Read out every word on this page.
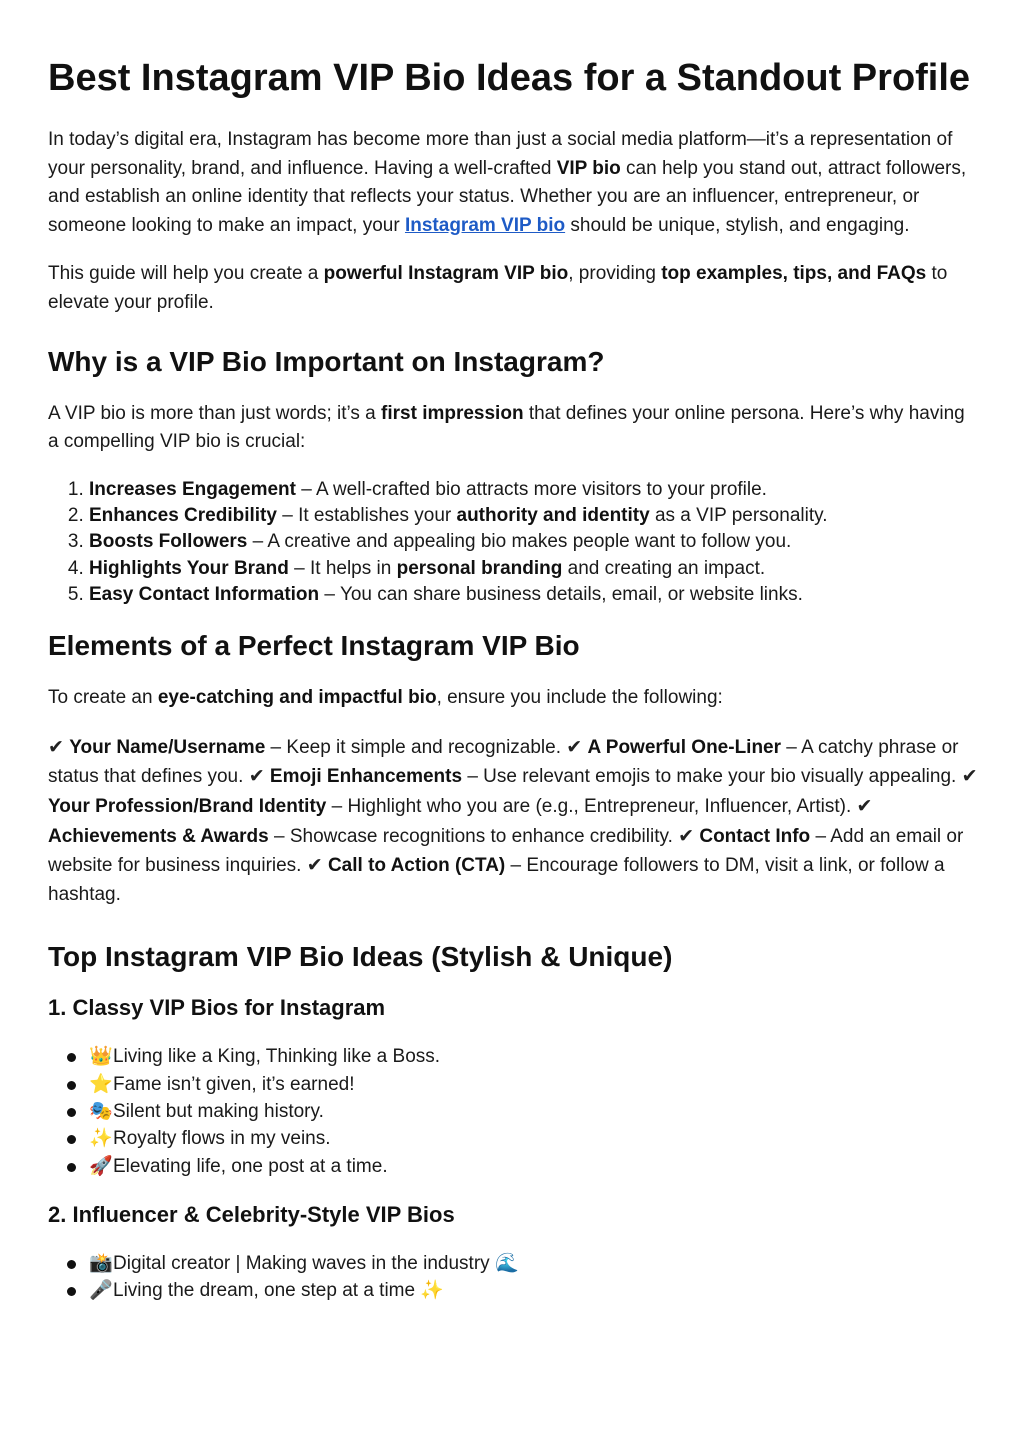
Best Instagram VIP Bio Ideas for a Standout Profile

In today’s digital era, Instagram has become more than just a social media platform—it’s a representation of your personality, brand, and influence. Having a well-crafted VIP bio can help you stand out, attract followers, and establish an online identity that reflects your status. Whether you are an influencer, entrepreneur, or someone looking to make an impact, your Instagram VIP bio should be unique, stylish, and engaging.

This guide will help you create a powerful Instagram VIP bio, providing top examples, tips, and FAQs to elevate your profile.

Why is a VIP Bio Important on Instagram?

A VIP bio is more than just words; it’s a first impression that defines your online persona. Here’s why having a compelling VIP bio is crucial:

1. Increases Engagement – A well-crafted bio attracts more visitors to your profile.
2. Enhances Credibility – It establishes your authority and identity as a VIP personality.
3. Boosts Followers – A creative and appealing bio makes people want to follow you.
4. Highlights Your Brand – It helps in personal branding and creating an impact.
5. Easy Contact Information – You can share business details, email, or website links.
Elements of a Perfect Instagram VIP Bio

To create an eye-catching and impactful bio, ensure you include the following:

✔ Your Name/Username – Keep it simple and recognizable. ✔ A Powerful One-Liner – A catchy phrase or status that defines you. ✔ Emoji Enhancements – Use relevant emojis to make your bio visually appealing. ✔ Your Profession/Brand Identity – Highlight who you are (e.g., Entrepreneur, Influencer, Artist). ✔ Achievements & Awards – Showcase recognitions to enhance credibility. ✔ Contact Info – Add an email or website for business inquiries. ✔ Call to Action (CTA) – Encourage followers to DM, visit a link, or follow a hashtag.

Top Instagram VIP Bio Ideas (Stylish & Unique)
1. Classy VIP Bios for Instagram
👑Living like a King, Thinking like a Boss.
⭐Fame isn’t given, it’s earned!
🎭Silent but making history.
✨Royalty flows in my veins.
🚀Elevating life, one post at a time.
2. Influencer & Celebrity-Style VIP Bios
📸Digital creator | Making waves in the industry 🌊
🎤Living the dream, one step at a time ✨
